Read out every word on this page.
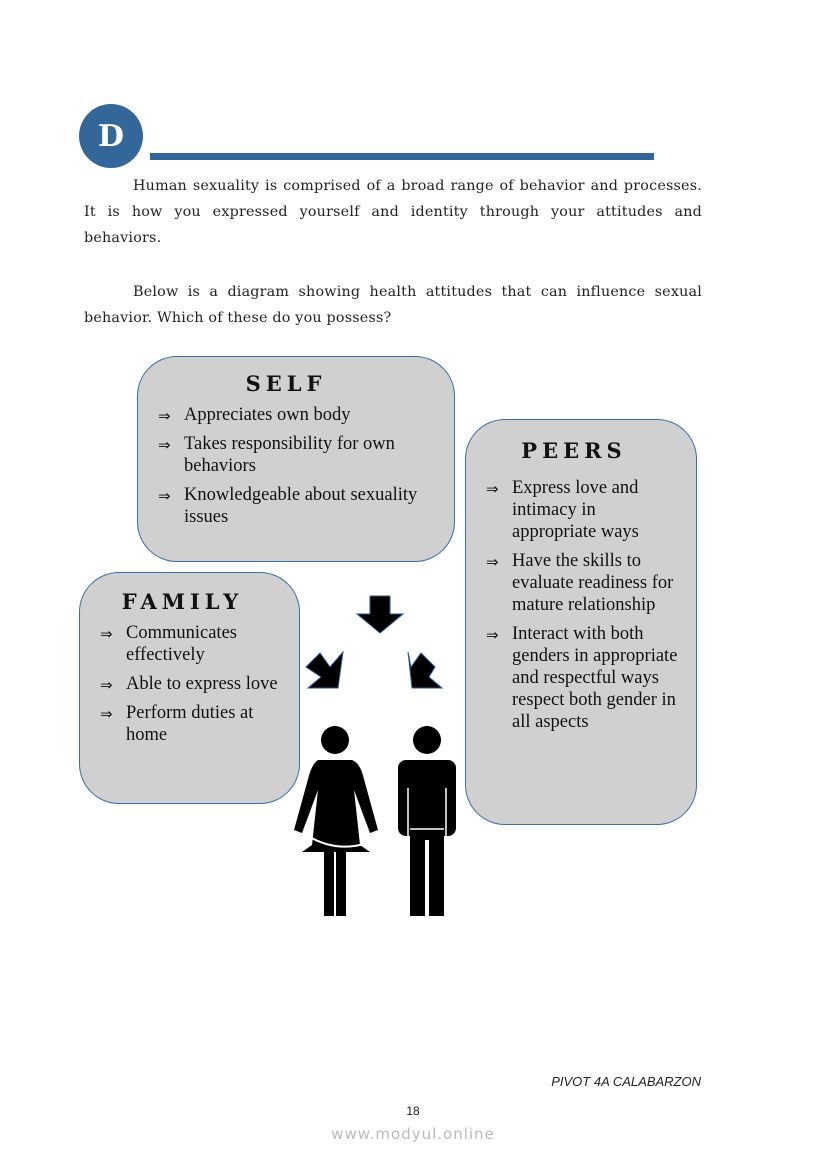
D
Human sexuality is comprised of a broad range of behavior and processes. It is how you expressed yourself and identity through your attitudes and behaviors.
Below is a diagram showing health attitudes that can influence sexual behavior. Which of these do you possess?
SELF
⇒ Appreciates own body
⇒ Takes responsibility for own behaviors
⇒ Knowledgeable about sexuality issues
FAMILY
⇒ Communicates effectively
⇒ Able to express love
⇒ Perform duties at home
PEERS
⇒ Express love and intimacy in appropriate ways
⇒ Have the skills to evaluate readiness for mature relationship
⇒ Interact with both genders in appropriate and respectful ways respect both gender in all aspects
PIVOT 4A CALABARZON
18
www.modyul.online
